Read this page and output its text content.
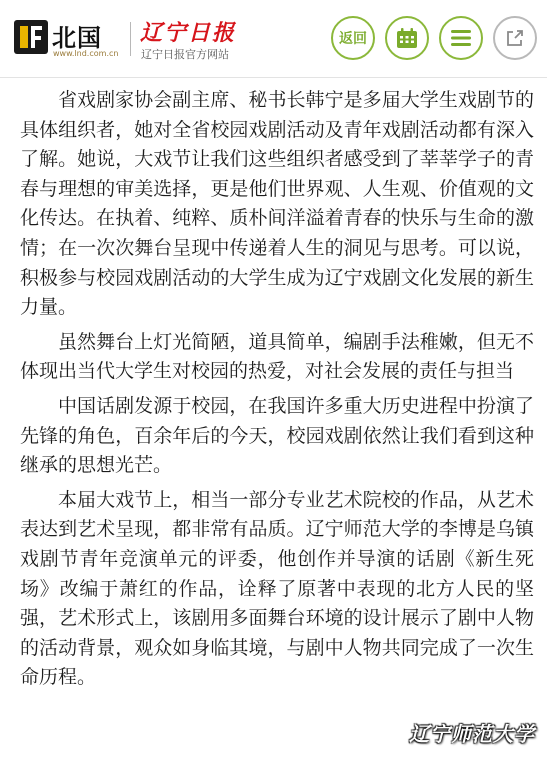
北国
www.lnd.com.cn
辽宁日报
辽宁日报官方网站
返回

省戏剧家协会副主席、秘书长韩宁是多届大学生戏剧节的具体组织者，她对全省校园戏剧活动及青年戏剧活动都有深入了解。她说，大戏节让我们这些组织者感受到了莘莘学子的青春与理想的审美选择，更是他们世界观、人生观、价值观的文化传达。在执着、纯粹、质朴间洋溢着青春的快乐与生命的激情；在一次次舞台呈现中传递着人生的洞见与思考。可以说，积极参与校园戏剧活动的大学生成为辽宁戏剧文化发展的新生力量。

虽然舞台上灯光简陋，道具简单，编剧手法稚嫩，但无不体现出当代大学生对校园的热爱，对社会发展的责任与担当

中国话剧发源于校园，在我国许多重大历史进程中扮演了先锋的角色，百余年后的今天，校园戏剧依然让我们看到这种继承的思想光芒。

本届大戏节上，相当一部分专业艺术院校的作品，从艺术表达到艺术呈现，都非常有品质。辽宁师范大学的李博是乌镇戏剧节青年竞演单元的评委，他创作并导演的话剧《新生死场》改编于萧红的作品，诠释了原著中表现的北方人民的坚强，艺术形式上，该剧用多面舞台环境的设计展示了剧中人物的活动背景，观众如身临其境，与剧中人物共同完成了一次生命历程。

辽宁师范大学
